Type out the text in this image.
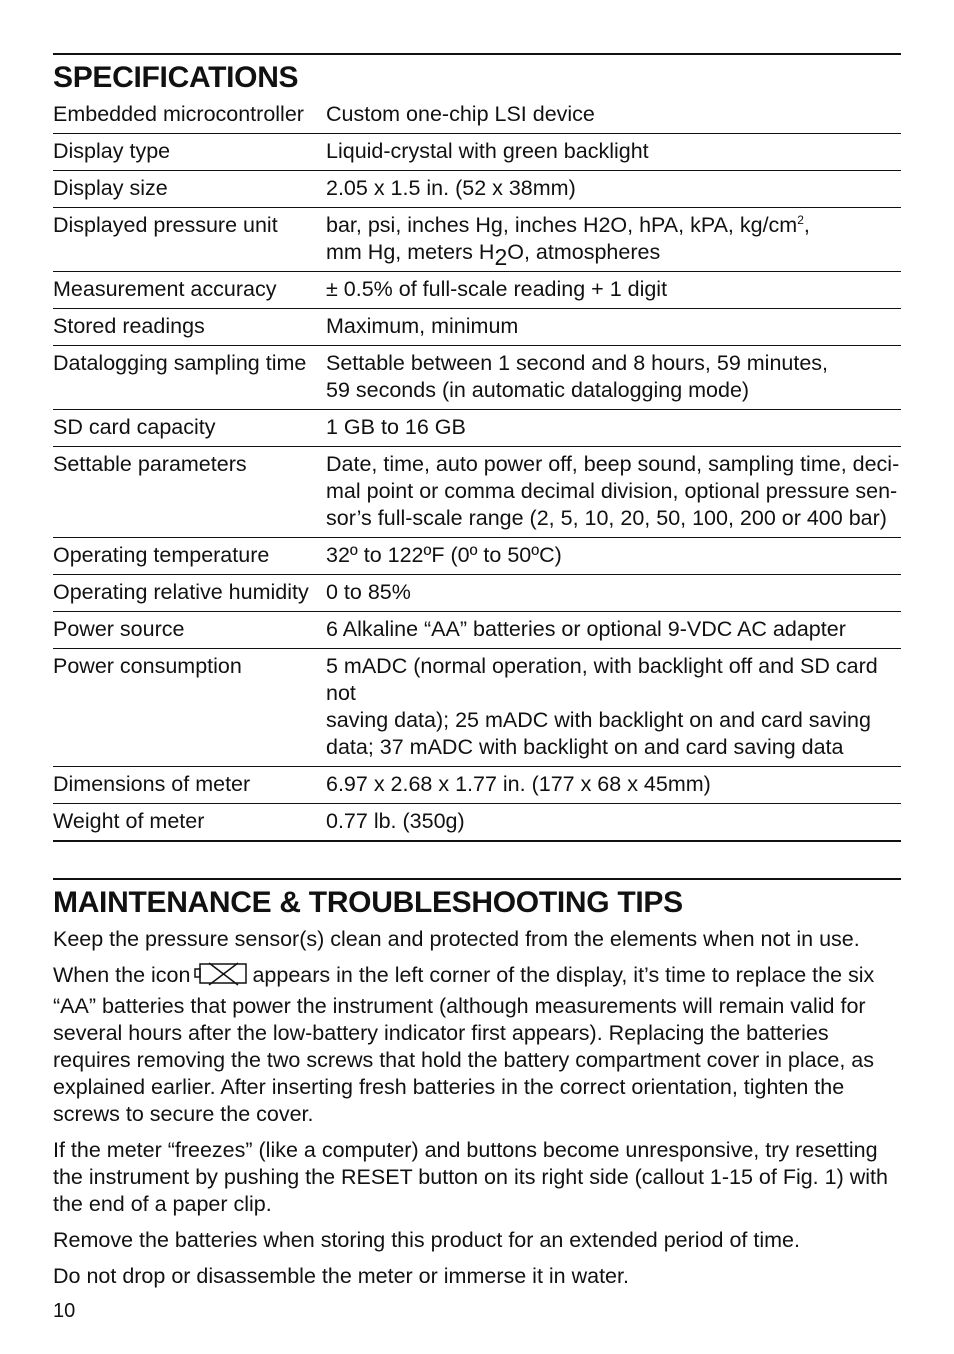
SPECIFICATIONS
Embedded microcontroller	Custom one-chip LSI device
Display type	Liquid-crystal with green backlight
Display size	2.05 x 1.5 in. (52 x 38mm)
Displayed pressure unit	bar, psi, inches Hg, inches H2O, hPA, kPA, $kg/cm^2$,
mm Hg, meters $H_2O$, atmospheres
Measurement accuracy	± 0.5% of full-scale reading + 1 digit
Stored readings	Maximum, minimum
Datalogging sampling time	Settable between 1 second and 8 hours, 59 minutes,
59 seconds (in automatic datalogging mode)
SD card capacity	1 GB to 16 GB
Settable parameters	Date, time, auto power off, beep sound, sampling time, deci-
mal point or comma decimal division, optional pressure sen-
sor’s full-scale range (2, 5, 10, 20, 50, 100, 200 or 400 bar)
Operating temperature	32º to 122ºF (0º to 50ºC)
Operating relative humidity	0 to 85%
Power source	6 Alkaline “AA” batteries or optional 9-VDC AC adapter
Power consumption	5 mADC (normal operation, with backlight off and SD card not
saving data); 25 mADC with backlight on and card saving
data; 37 mADC with backlight on and card saving data
Dimensions of meter	6.97 x 2.68 x 1.77 in. (177 x 68 x 45mm)
Weight of meter	0.77 lb. (350g)
MAINTENANCE & TROUBLESHOOTING TIPS

Keep the pressure sensor(s) clean and protected from the elements when not in use.

When the icon	appears in the left corner of the display, it’s time to replace the six “AA” batteries that power the instrument (although measurements will remain valid for several hours after the low-battery indicator first appears). Replacing the batteries requires removing the two screws that hold the battery compartment cover in place, as explained earlier. After inserting fresh batteries in the correct orientation, tighten the screws to secure the cover.

If the meter “freezes” (like a computer) and buttons become unresponsive, try resetting the instrument by pushing the RESET button on its right side (callout 1-15 of Fig. 1) with the end of a paper clip.

Remove the batteries when storing this product for an extended period of time.

Do not drop or disassemble the meter or immerse it in water.

10
